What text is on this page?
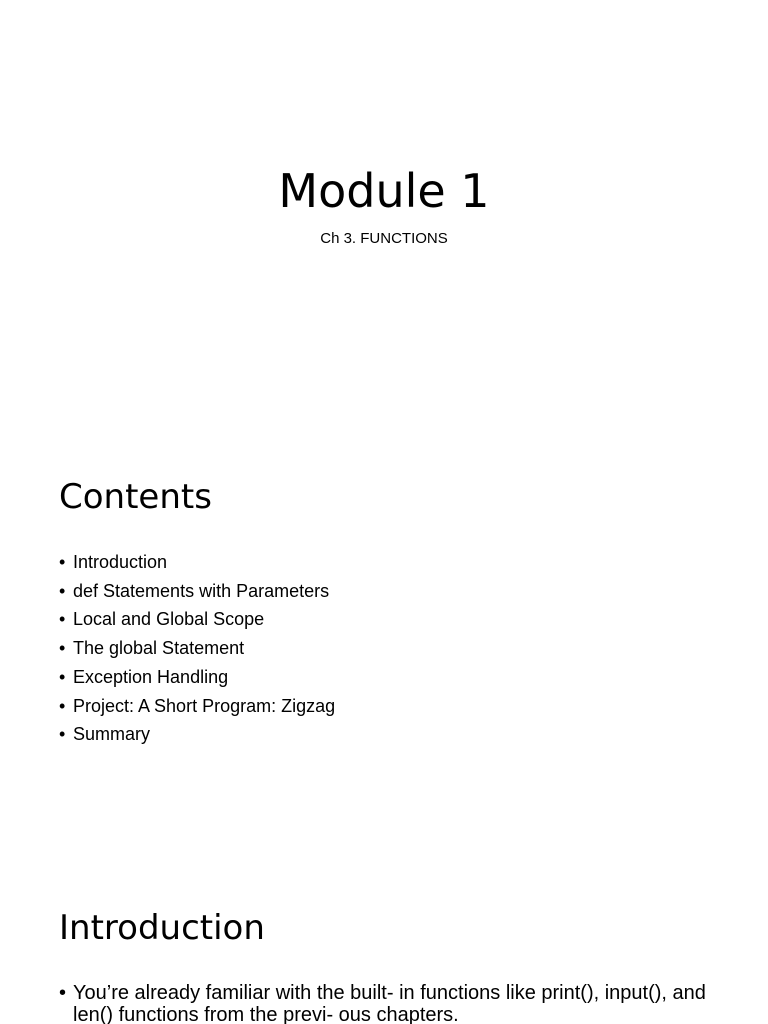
Module 1

Ch 3. FUNCTIONS

Contents
• Introduction
• def Statements with Parameters
• Local and Global Scope
• The global Statement
• Exception Handling
• Project: A Short Program: Zigzag
• Summary
Introduction
• You’re already familiar with the built- in functions like print(), input(), and len() functions from the previ- ous chapters.
